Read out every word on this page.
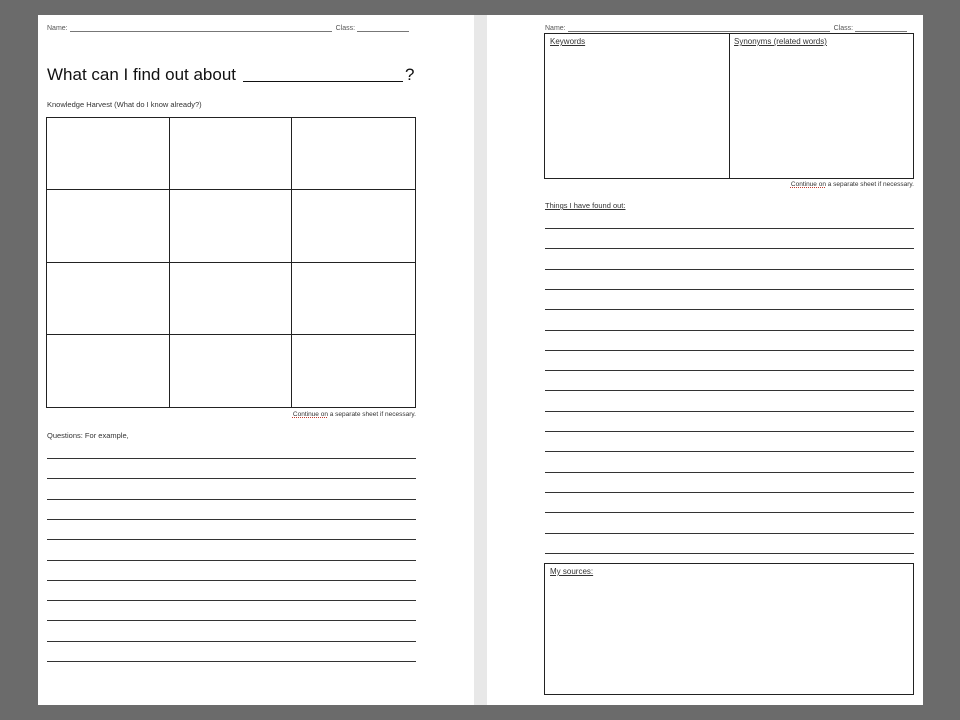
Name:	Class:
What can I find out about	?
Knowledge Harvest (What do I know already?)
Continue on a separate sheet if necessary.
Questions: For example,
Name:	Class:
Keywords	Synonyms (related words)
Continue on a separate sheet if necessary.
Things I have found out:
My sources:
